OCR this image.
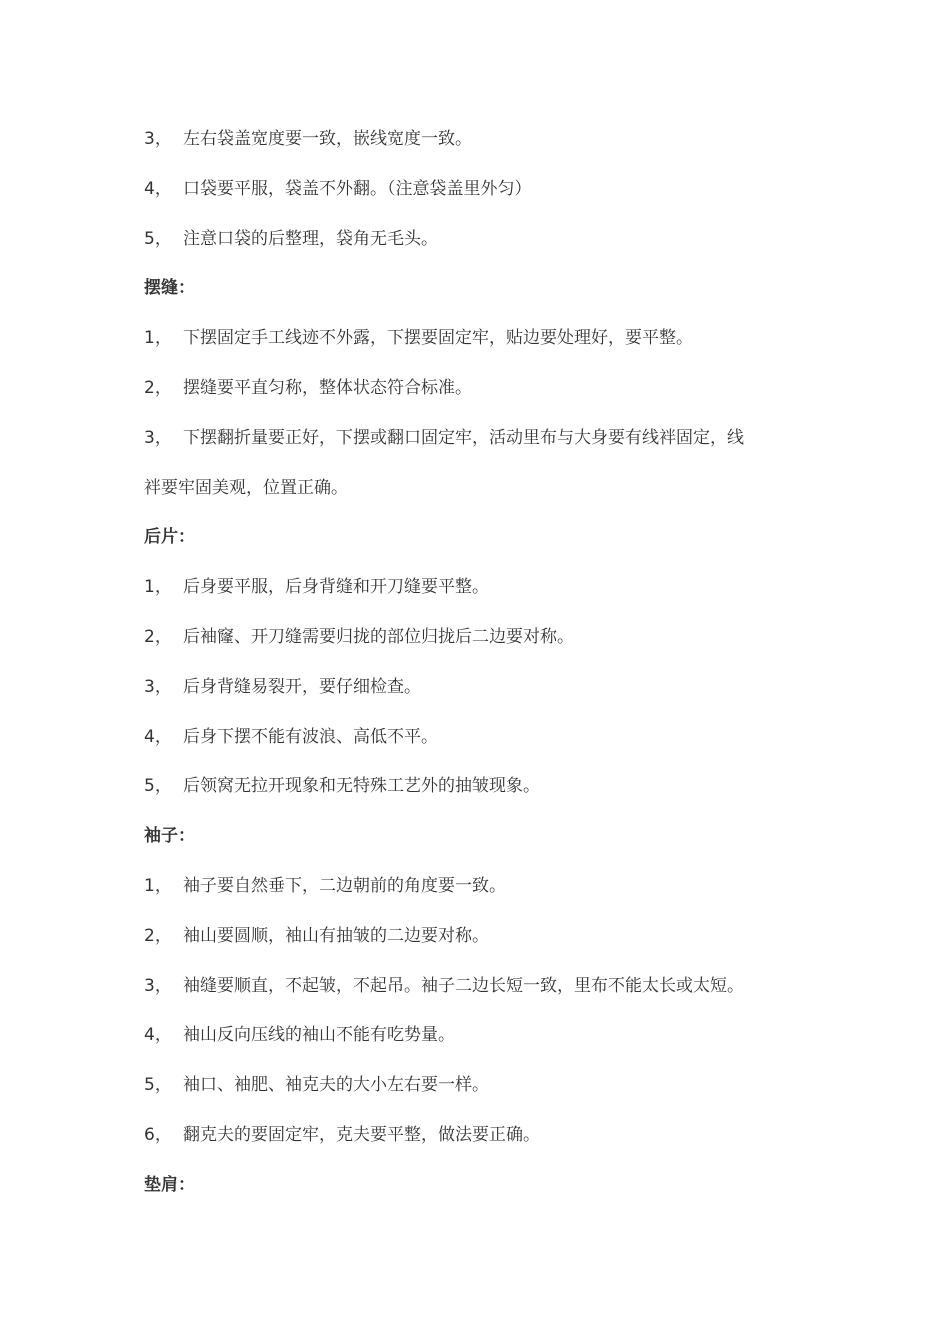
3， 左右袋盖宽度要一致，嵌线宽度一致。
4， 口袋要平服，袋盖不外翻。（注意袋盖里外匀）
5， 注意口袋的后整理，袋角无毛头。
摆缝：
1， 下摆固定手工线迹不外露，下摆要固定牢，贴边要处理好，要平整。
2， 摆缝要平直匀称，整体状态符合标准。
3， 下摆翻折量要正好，下摆或翻口固定牢，活动里布与大身要有线袢固定，线
袢要牢固美观，位置正确。
后片：
1， 后身要平服，后身背缝和开刀缝要平整。
2， 后袖窿、开刀缝需要归拢的部位归拢后二边要对称。
3， 后身背缝易裂开，要仔细检查。
4， 后身下摆不能有波浪、高低不平。
5， 后领窝无拉开现象和无特殊工艺外的抽皱现象。
袖子：
1， 袖子要自然垂下，二边朝前的角度要一致。
2， 袖山要圆顺，袖山有抽皱的二边要对称。
3， 袖缝要顺直，不起皱，不起吊。袖子二边长短一致，里布不能太长或太短。
4， 袖山反向压线的袖山不能有吃势量。
5， 袖口、袖肥、袖克夫的大小左右要一样。
6， 翻克夫的要固定牢，克夫要平整，做法要正确。
垫肩：
